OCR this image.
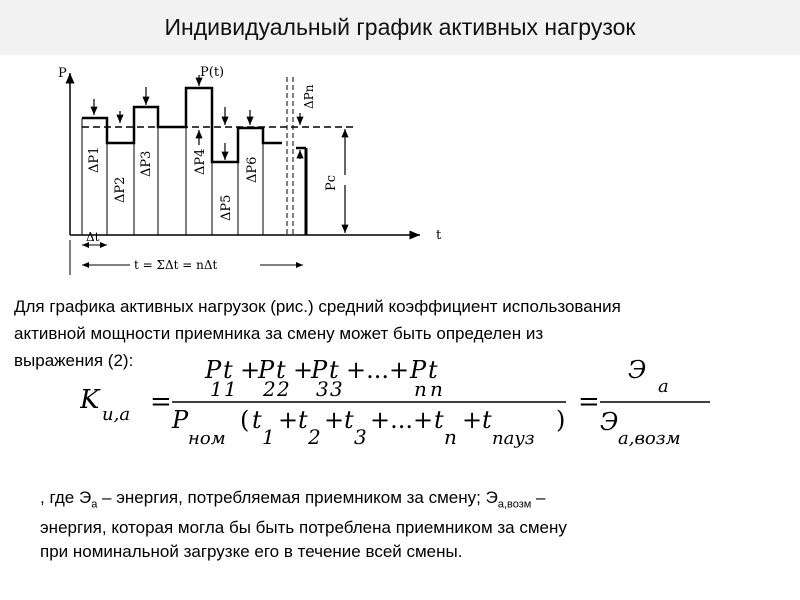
Индивидуальный график активных нагрузок
P
t
ΔP1
ΔP2
ΔP3	ΔP4
ΔP5
ΔP6
ΔPn
Pc
P(t)
Δt
t = ΣΔt = nΔt
Для графика активных нагрузок (рис.) средний коэффициент использования
активной мощности приемника за смену может быть определен из
выражения (2):
K u,a =
P t
1 1
+
P t
2 2
+
P t
3 3
+...+ P t
n n
P
ном
( t
1
+ t
2
+ t
3
+...+ t
n
+ t
пауз
)
=
Э
a
Э
a,возм
, где $Э_а$ – энергия, потребляемая приемником за смену; $Э_{а,возм}$ –
энергия, которая могла бы быть потреблена приемником за смену
при номинальной загрузке его в течение всей смены.
